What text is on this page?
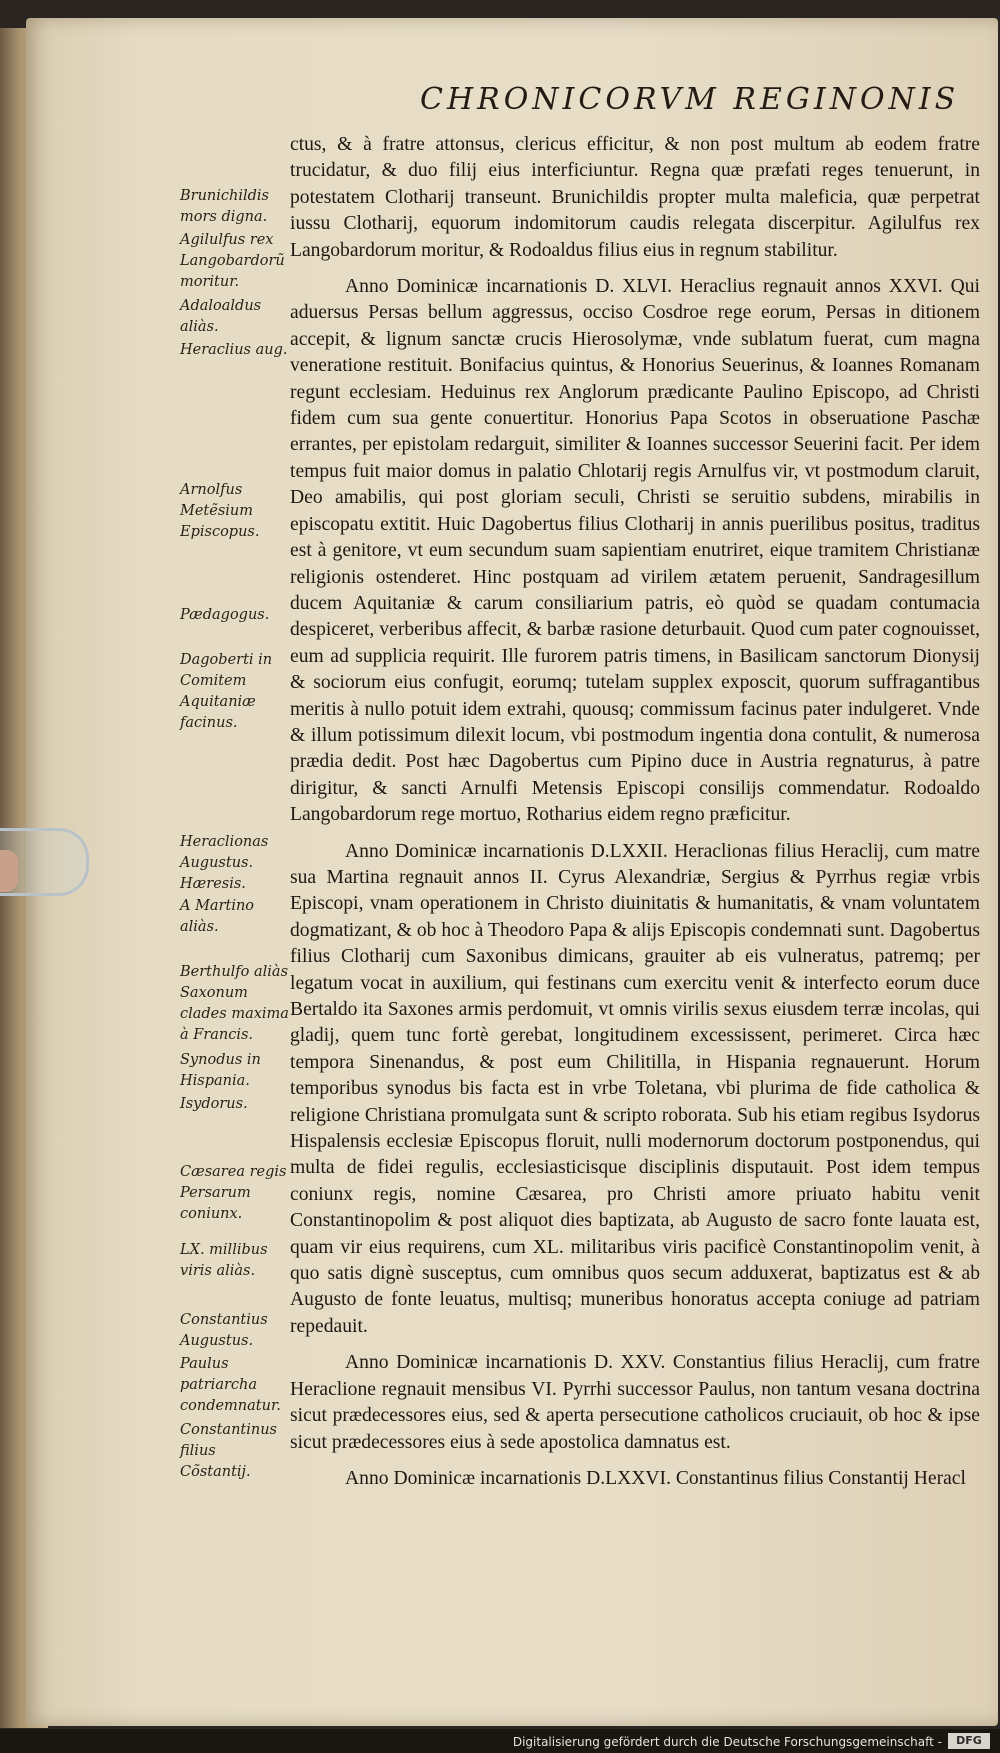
CHRONICORVM REGINONIS
Brunichildis mors digna.
Agilulfus rex Langobardorũ moritur.
Adaloaldus aliàs.
Heraclius aug.
Arnolfus Metẽsium Episcopus.
Pædagogus.
Dagoberti in Comitem Aquitaniæ facinus.
Heraclionas Augustus.
Hæresis.
A Martino aliàs.
Berthulfo aliàs Saxonum clades maxima à Francis.
Synodus in Hispania.
Isydorus.
Cæsarea regis Persarum coniunx.
LX. millibus viris aliàs.
Constantius Augustus.
Paulus patriarcha condemnatur.
Constantinus filius Cõstantij.

ctus, & à fratre attonsus, clericus efficitur, & non post multum ab eodem fratre trucidatur, & duo filij eius interficiuntur. Regna quæ præfati reges tenuerunt, in potestatem Clotharij transeunt. Brunichildis propter multa maleficia, quæ perpetrat iussu Clotharij, equorum indomitorum caudis relegata discerpitur. Agilulfus rex Langobardorum moritur, & Rodoaldus filius eius in regnum stabilitur.

Anno Dominicæ incarnationis D. XLVI. Heraclius regnauit annos XXVI. Qui aduersus Persas bellum aggressus, occiso Cosdroe rege eorum, Persas in ditionem accepit, & lignum sanctæ crucis Hierosolymæ, vnde sublatum fuerat, cum magna veneratione restituit. Bonifacius quintus, & Honorius Seuerinus, & Ioannes Romanam regunt ecclesiam. Heduinus rex Anglorum prædicante Paulino Episcopo, ad Christi fidem cum sua gente conuertitur. Honorius Papa Scotos in obseruatione Paschæ errantes, per epistolam redarguit, similiter & Ioannes successor Seuerini facit. Per idem tempus fuit maior domus in palatio Chlotarij regis Arnulfus vir, vt postmodum claruit, Deo amabilis, qui post gloriam seculi, Christi se seruitio subdens, mirabilis in episcopatu extitit. Huic Dagobertus filius Clotharij in annis puerilibus positus, traditus est à genitore, vt eum secundum suam sapientiam enutriret, eique tramitem Christianæ religionis ostenderet. Hinc postquam ad virilem ætatem peruenit, Sandragesillum ducem Aquitaniæ & carum consiliarium patris, eò quòd se quadam contumacia despiceret, verberibus affecit, & barbæ rasione deturbauit. Quod cum pater cognouisset, eum ad supplicia requirit. Ille furorem patris timens, in Basilicam sanctorum Dionysij & sociorum eius confugit, eorumq; tutelam supplex exposcit, quorum suffragantibus meritis à nullo potuit idem extrahi, quousq; commissum facinus pater indulgeret. Vnde & illum potissimum dilexit locum, vbi postmodum ingentia dona contulit, & numerosa prædia dedit. Post hæc Dagobertus cum Pipino duce in Austria regnaturus, à patre dirigitur, & sancti Arnulfi Metensis Episcopi consilijs commendatur. Rodoaldo Langobardorum rege mortuo, Rotharius eidem regno præficitur.

Anno Dominicæ incarnationis D.LXXII. Heraclionas filius Heraclij, cum matre sua Martina regnauit annos II. Cyrus Alexandriæ, Sergius & Pyrrhus regiæ vrbis Episcopi, vnam operationem in Christo diuinitatis & humanitatis, & vnam voluntatem dogmatizant, & ob hoc à Theodoro Papa & alijs Episcopis condemnati sunt. Dagobertus filius Clotharij cum Saxonibus dimicans, grauiter ab eis vulneratus, patremq; per legatum vocat in auxilium, qui festinans cum exercitu venit & interfecto eorum duce Bertaldo ita Saxones armis perdomuit, vt omnis virilis sexus eiusdem terræ incolas, qui gladij, quem tunc fortè gerebat, longitudinem excessissent, perimeret. Circa hæc tempora Sinenandus, & post eum Chilitilla, in Hispania regnauerunt. Horum temporibus synodus bis facta est in vrbe Toletana, vbi plurima de fide catholica & religione Christiana promulgata sunt & scripto roborata. Sub his etiam regibus Isydorus Hispalensis ecclesiæ Episcopus floruit, nulli modernorum doctorum postponendus, qui multa de fidei regulis, ecclesiasticisque disciplinis disputauit. Post idem tempus coniunx regis, nomine Cæsarea, pro Christi amore priuato habitu venit Constantinopolim & post aliquot dies baptizata, ab Augusto de sacro fonte lauata est, quam vir eius requirens, cum XL. militaribus viris pacificè Constantinopolim venit, à quo satis dignè susceptus, cum omnibus quos secum adduxerat, baptizatus est & ab Augusto de fonte leuatus, multisq; muneribus honoratus accepta coniuge ad patriam repedauit.

Anno Dominicæ incarnationis D. XXV. Constantius filius Heraclij, cum fratre Heraclione regnauit mensibus VI. Pyrrhi successor Paulus, non tantum vesana doctrina sicut prædecessores eius, sed & aperta persecutione catholicos cruciauit, ob hoc & ipse sicut prædecessores eius à sede apostolica damnatus est.

Anno Dominicæ incarnationis D.LXXVI. Constantinus filius Constantij Heracl

Digitalisierung gefördert durch die Deutsche Forschungsgemeinschaft -	DFG
